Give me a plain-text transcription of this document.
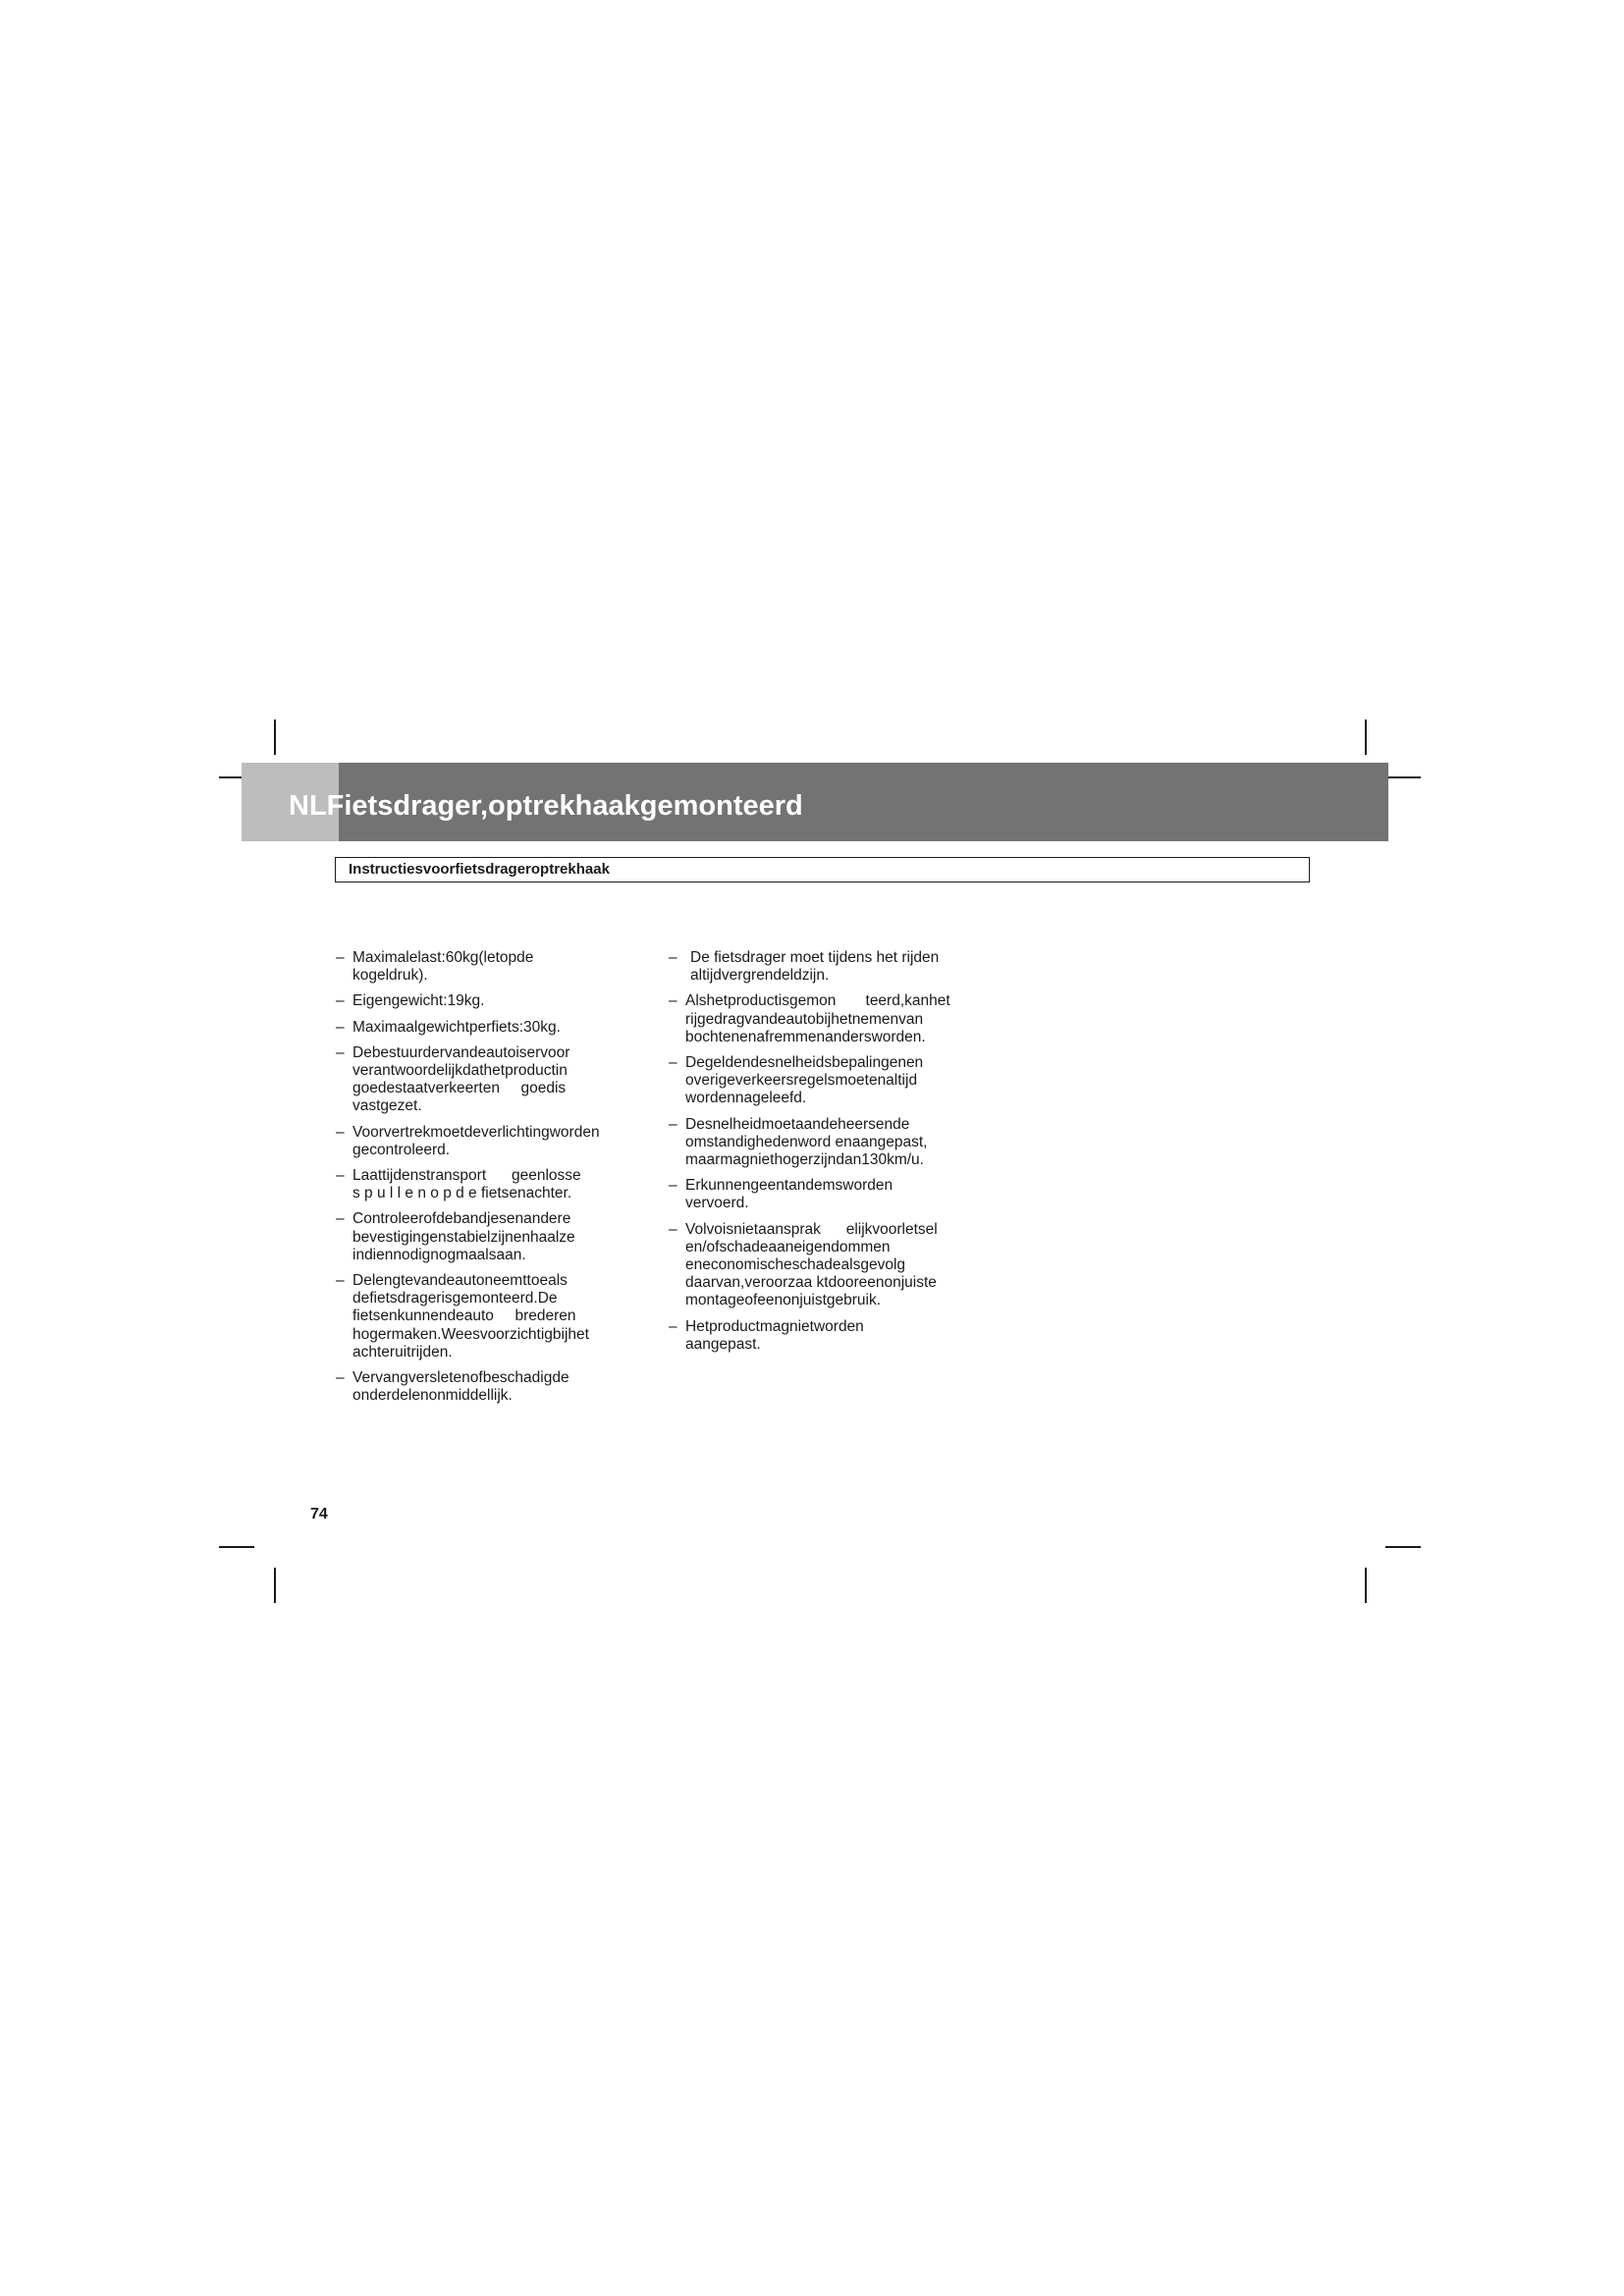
NLFietsdrager,optrekhaakgemonteerd
Instructiesvoorfietsdrageroptrekhaak
– Maximalelast:60kg(letopde
kogeldruk).
– Eigengewicht:19kg.
– Maximaalgewichtperfiets:30kg.
– Debestuurdervandeautoiservoor
verantwoordelijkdathetproductin
goedestaatverkeerten     goedis
vastgezet.
– Voorvertrekmoetdeverlichtingworden
gecontroleerd.
– Laattijdenstransport      geenlosse
s p u l l e n o p d e fietsenachter.
– Controleerofdebandjesenandere
bevestigingenstabielzijnenhaalze
indiennodignogmaalsaan.
– Delengtevandeautoneemttoeals
defietsdragerisgemonteerd.De
fietsenkunnendeauto     brederen
hogermaken.Weesvoorzichtigbijhet
achteruitrijden.
– Vervangversletenofbeschadigde
onderdelenonmiddellijk.
– De fietsdrager moet tijdens het rijden
altijdvergrendeldzijn.
– Alshetproductisgemon       teerd,kanhet
rijgedragvandeautobijhetnemenvan
bochtenenafremmenandersworden.
– Degeldendesnelheidsbepalingenen
overigeverkeersregelsmoetenaltijd
wordennageleefd.
– Desnelheidmoetaandeheersende
omstandighedenword enaangepast,
maarmagniethogerzijndan130km/u.
– Erkunnengeentandemsworden
vervoerd.
– Volvoisnietaansprak      elijkvoorletsel
en/ofschadeaaneigendommen
eneconomischeschadealsgevolg
daarvan,veroorzaa ktdooreenonjuiste
montageofeenonjuistgebruik.
– Hetproductmagnietworden
aangepast.
74
